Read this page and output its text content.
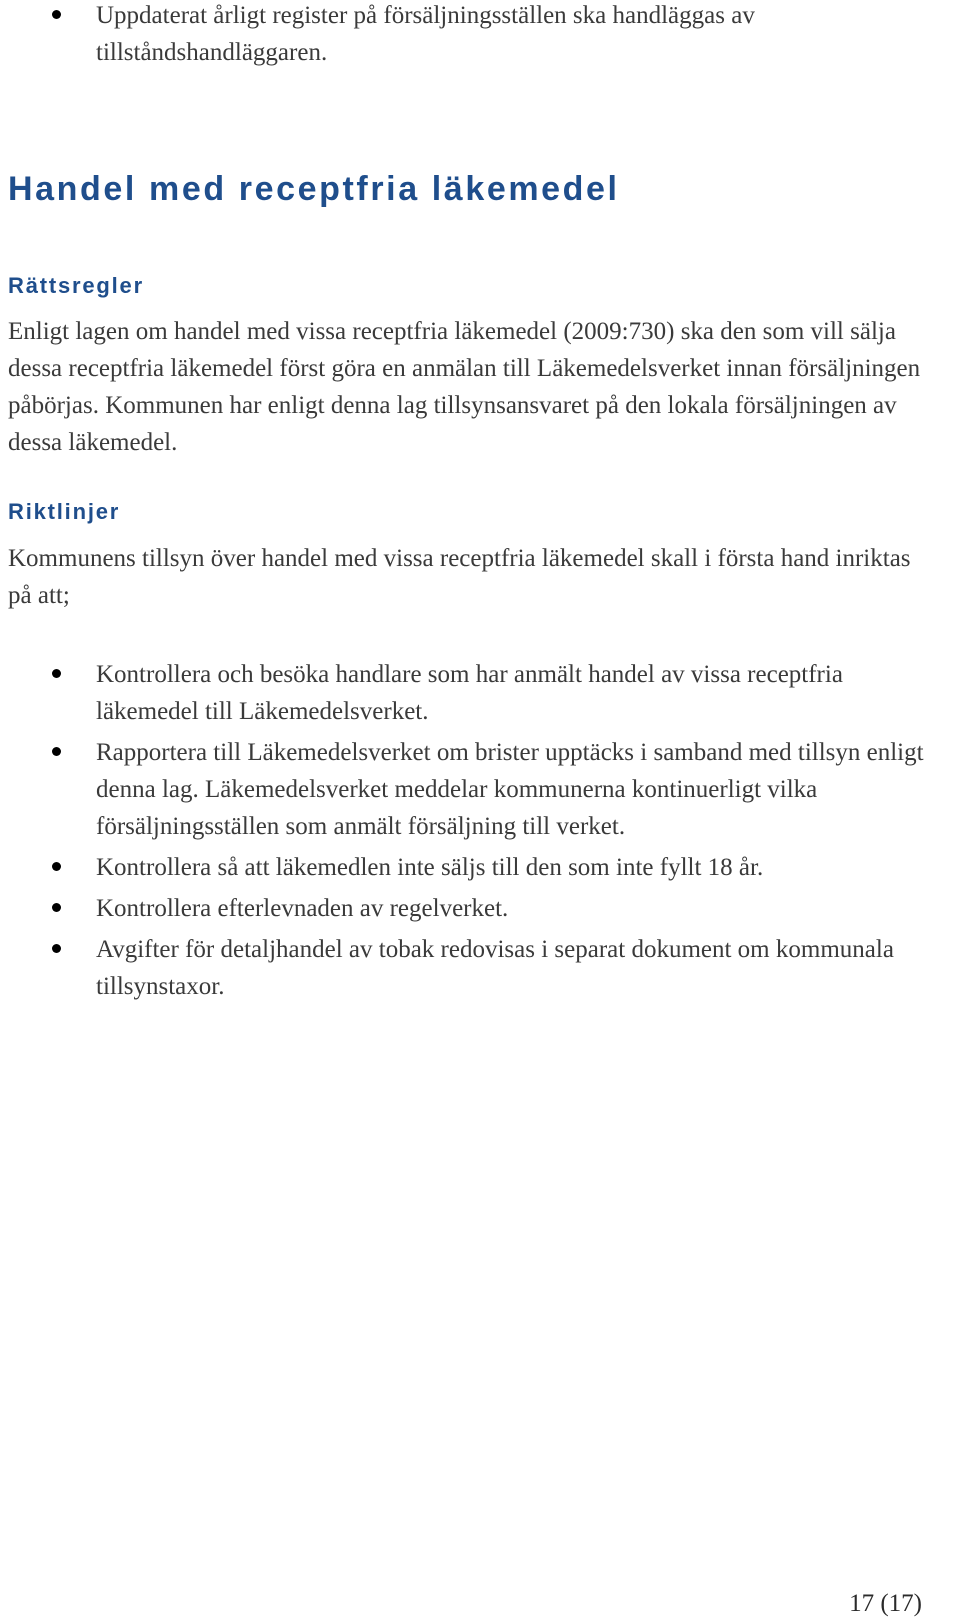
Uppdaterat årligt register på försäljningsställen ska handläggas av tillståndshandläggaren.
Handel med receptfria läkemedel
Rättsregler

Enligt lagen om handel med vissa receptfria läkemedel (2009:730) ska den som vill sälja dessa receptfria läkemedel först göra en anmälan till Läkemedelsverket innan försäljningen påbörjas. Kommunen har enligt denna lag tillsynsansvaret på den lokala försäljningen av dessa läkemedel.

Riktlinjer

Kommunens tillsyn över handel med vissa receptfria läkemedel skall i första hand inriktas på att;

Kontrollera och besöka handlare som har anmält handel av vissa receptfria läkemedel till Läkemedelsverket.
Rapportera till Läkemedelsverket om brister upptäcks i samband med tillsyn enligt denna lag. Läkemedelsverket meddelar kommunerna kontinuerligt vilka försäljningsställen som anmält försäljning till verket.
Kontrollera så att läkemedlen inte säljs till den som inte fyllt 18 år.
Kontrollera efterlevnaden av regelverket.
Avgifter för detaljhandel av tobak redovisas i separat dokument om kommunala tillsynstaxor.
17 (17)
